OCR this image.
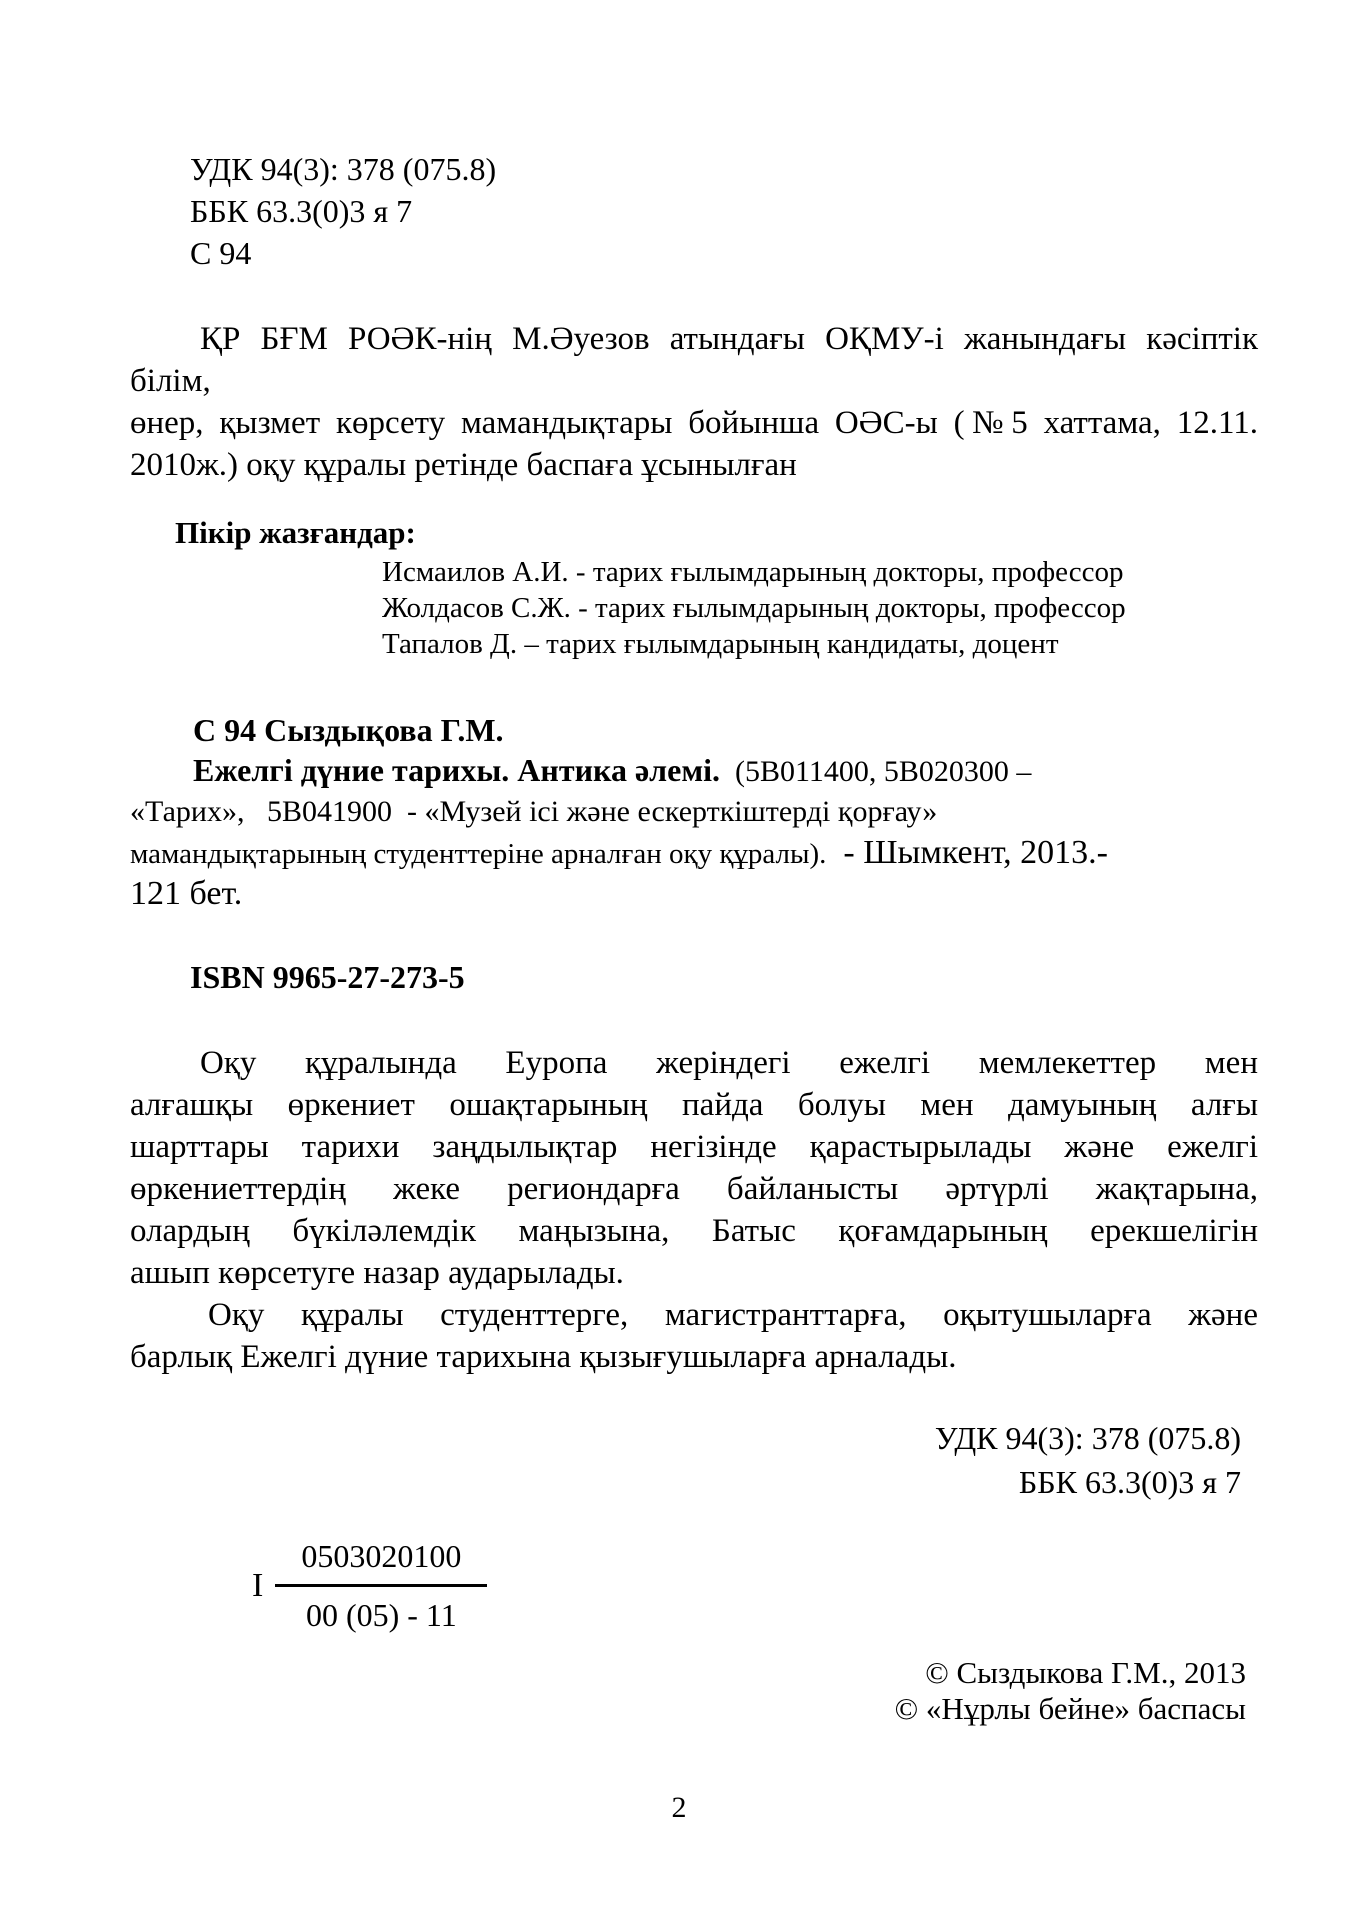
УДК 94(3): 378 (075.8)
ББК 63.3(0)3 я 7
С 94
ҚР БҒМ РОӘК-нің М.Әуезов атындағы ОҚМУ-і жанындағы кәсіптік білім,
өнер, қызмет көрсету мамандықтары бойынша ОӘС-ы (№5 хаттама, 12.11.
2010ж.) оқу құралы ретінде баспаға ұсынылған
Пікір жазғандар:
Исмаилов А.И. - тарих ғылымдарының докторы, профессор
Жолдасов С.Ж. - тарих ғылымдарының докторы, профессор
Тапалов Д. – тарих ғылымдарының кандидаты, доцент
С 94 Сыздықова Г.М.
Ежелгі дүние тарихы. Антика әлемі.  (5В011400, 5В020300 –
«Тарих»,   5В041900  - «Музей ісі және ескерткіштерді қорғау»
мамандықтарының студенттеріне арналған оқу құралы).  - Шымкент, 2013.-
121 бет.
ISBN 9965-27-273-5
Оқу құралында Еуропа жеріндегі ежелгі мемлекеттер мен
алғашқы өркениет ошақтарының пайда болуы мен дамуының алғы
шарттары тарихи заңдылықтар негізінде қарастырылады және ежелгі
өркениеттердің жеке региондарға байланысты әртүрлі жақтарына,
олардың бүкіләлемдік маңызына, Батыс қоғамдарының ерекшелігін
ашып көрсетуге назар аударылады.
Оқу құралы студенттерге, магистранттарға, оқытушыларға және
барлық Ежелгі дүние тарихына қызығушыларға арналады.
УДК 94(3): 378 (075.8)
ББК 63.3(0)3 я 7
I $\frac{0503020100}{00 (05) - 11}$
© Сыздыкова Г.М., 2013
© «Нұрлы бейне» баспасы
2
